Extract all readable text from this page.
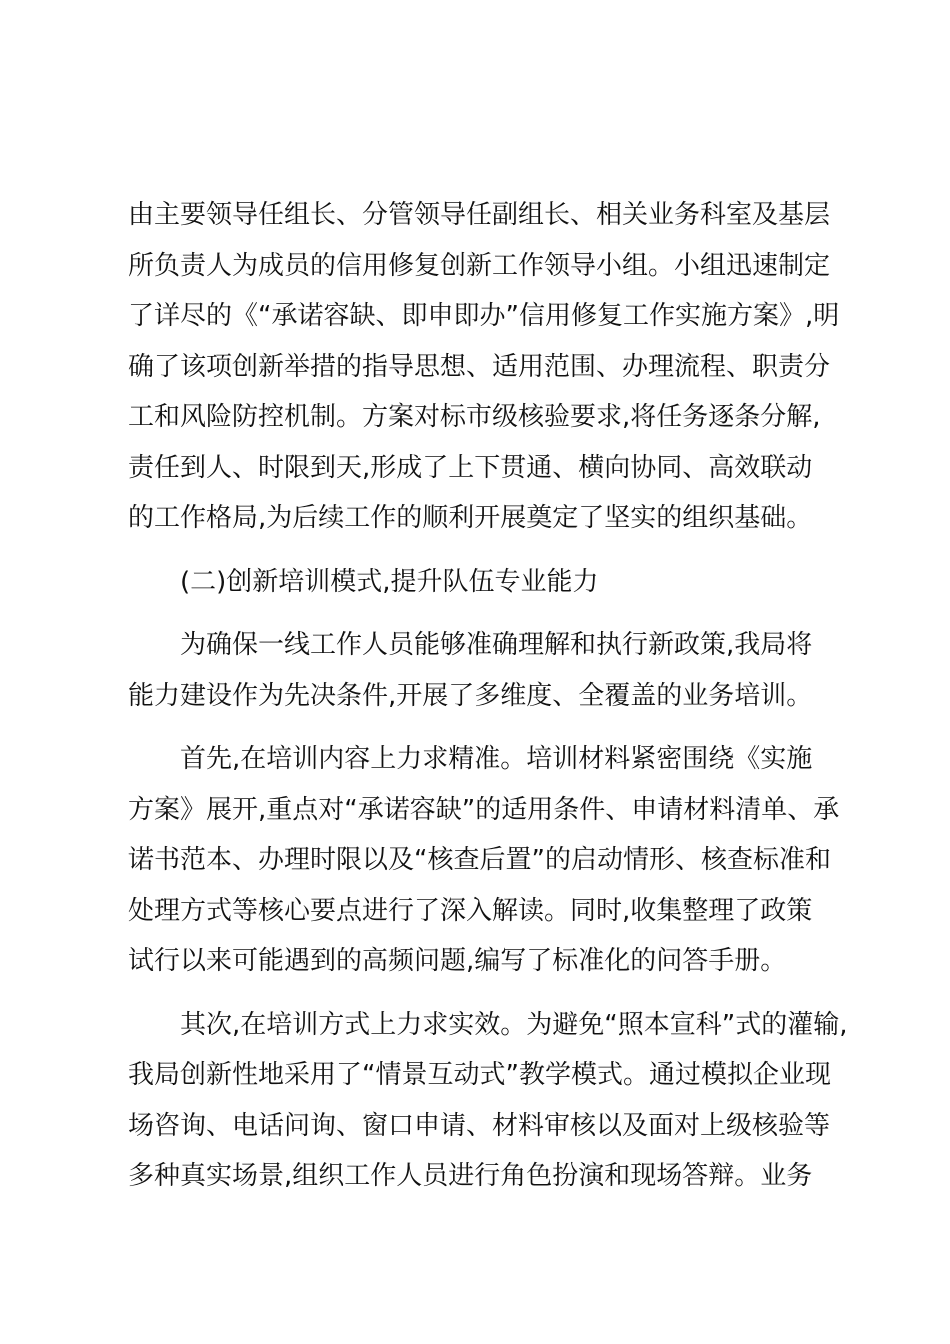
由主要领导任组长、分管领导任副组长、相关业务科室及基层
所负责人为成员的信用修复创新工作领导小组。小组迅速制定
了详尽的《“承诺容缺、即申即办”信用修复工作实施方案》,明
确了该项创新举措的指导思想、适用范围、办理流程、职责分
工和风险防控机制。方案对标市级核验要求,将任务逐条分解,
责任到人、时限到天,形成了上下贯通、横向协同、高效联动
的工作格局,为后续工作的顺利开展奠定了坚实的组织基础。
(二)创新培训模式,提升队伍专业能力
为确保一线工作人员能够准确理解和执行新政策,我局将
能力建设作为先决条件,开展了多维度、全覆盖的业务培训。
首先,在培训内容上力求精准。培训材料紧密围绕《实施
方案》展开,重点对“承诺容缺”的适用条件、申请材料清单、承
诺书范本、办理时限以及“核查后置”的启动情形、核查标准和
处理方式等核心要点进行了深入解读。同时,收集整理了政策
试行以来可能遇到的高频问题,编写了标准化的问答手册。
其次,在培训方式上力求实效。为避免“照本宣科”式的灌输,
我局创新性地采用了“情景互动式”教学模式。通过模拟企业现
场咨询、电话问询、窗口申请、材料审核以及面对上级核验等
多种真实场景,组织工作人员进行角色扮演和现场答辩。业务
